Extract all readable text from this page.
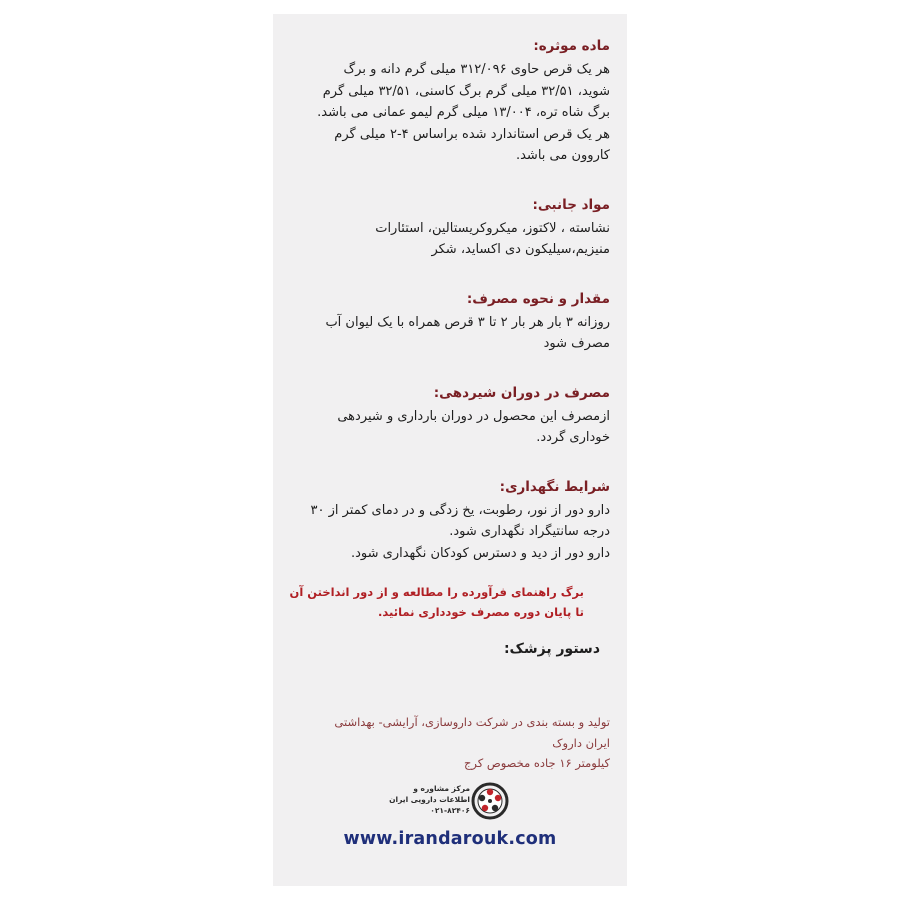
ماده موثره:
هر یک قرص حاوی ۳۱۲/۰۹۶ میلی گرم دانه و برگ
شوید، ۳۲/۵۱ میلی گرم برگ کاسنی، ۳۲/۵۱ میلی گرم
برگ شاه تره، ۱۳/۰۰۴ میلی گرم لیمو عمانی می باشد.
هر یک قرص استاندارد شده براساس ۴-۲ میلی گرم
کاروون می باشد.
مواد جانبی:
نشاسته ، لاکتوز، میکروکریستالین، استئارات
منیزیم،سیلیکون دی اکساید، شکر
مقدار و نحوه مصرف:
روزانه ۳ بار هر بار ۲ تا ۳ قرص همراه با یک لیوان آب
مصرف شود
مصرف در دوران شیردهی:
ازمصرف این محصول در دوران بارداری و شیردهی
خوداری گردد.
شرایط نگهداری:
دارو دور از نور، رطوبت، یخ زدگی و در دمای کمتر از ۳۰
درجه سانتیگراد نگهداری شود.
دارو دور از دید و دسترس کودکان نگهداری شود.
برگ راهنمای فرآورده را مطالعه و از دور انداختن آن
تا پایان دوره مصرف خودداری نمائید.
دستور پزشک:
تولید و بسته بندی در شرکت داروسازی، آرایشی- بهداشتی
ایران داروک
کیلومتر ۱۶ جاده مخصوص کرج
مرکز مشاوره و
اطلاعات دارویی ایران
۰۲۱-۸۲۴۰۶
www.irandarouk.com
